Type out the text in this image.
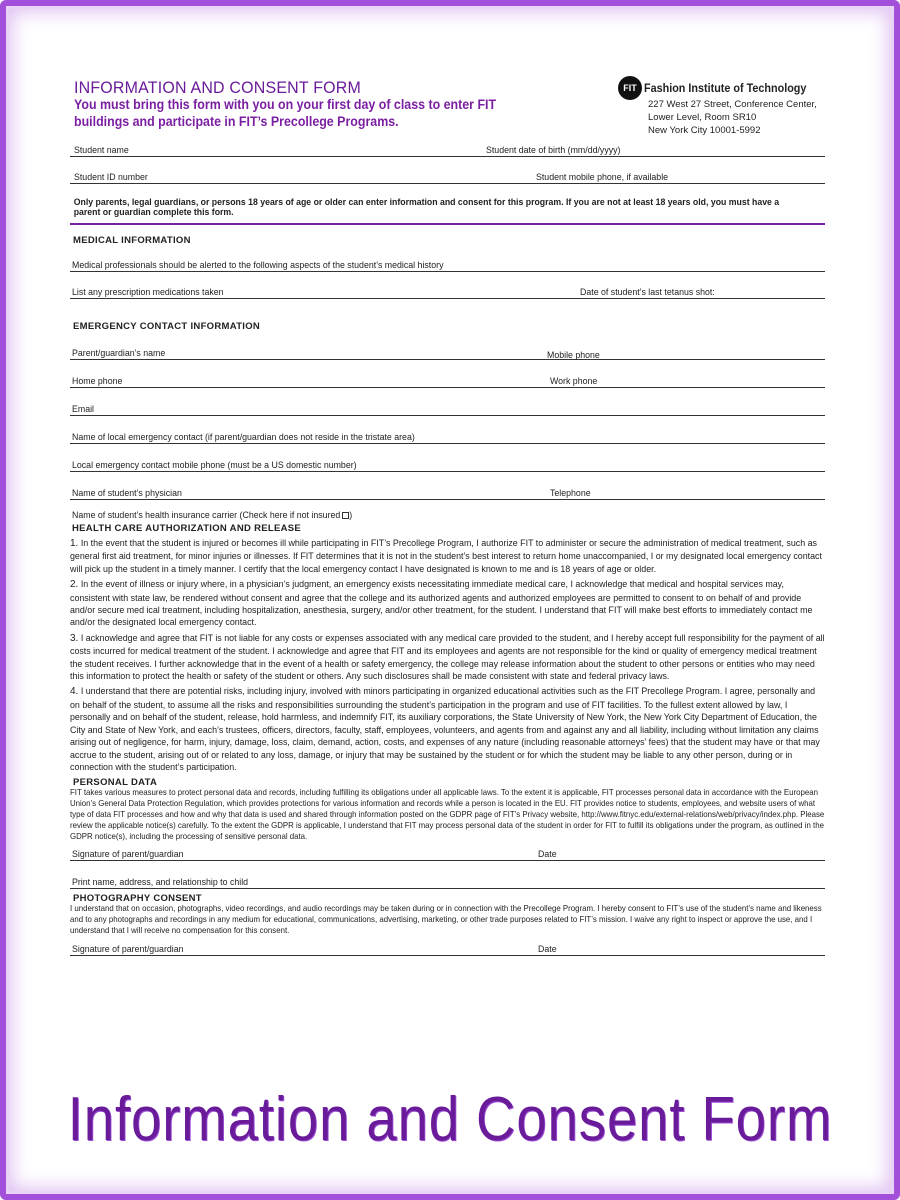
INFORMATION AND CONSENT FORM
You must bring this form with you on your first day of class to enter FIT buildings and participate in FIT’s Precollege Programs.
FIT Fashion Institute of Technology
227 West 27 Street, Conference Center,
Lower Level, Room SR10
New York City 10001-5992
Student name	Student date of birth (mm/dd/yyyy)
Student ID number	Student mobile phone, if available
Only parents, legal guardians, or persons 18 years of age or older can enter information and consent for this program. If you are not at least 18 years old, you must have a parent or guardian complete this form.
MEDICAL INFORMATION
Medical professionals should be alerted to the following aspects of the student’s medical history
List any prescription medications taken	Date of student’s last tetanus shot:
EMERGENCY CONTACT INFORMATION
Parent/guardian’s name	Mobile phone
Home phone	Work phone
Email
Name of local emergency contact (if parent/guardian does not reside in the tristate area)
Local emergency contact mobile phone (must be a US domestic number)
Name of student’s physician	Telephone
Name of student’s health insurance carrier (Check here if not insured )
HEALTH CARE AUTHORIZATION AND RELEASE
1. In the event that the student is injured or becomes ill while participating in FIT’s Precollege Program, I authorize FIT to administer or secure the administration of medical treatment, such as general first aid treatment, for minor injuries or illnesses. If FIT determines that it is not in the student’s best interest to return home unaccompanied, I or my designated local emergency contact will pick up the student in a timely manner. I certify that the local emergency contact I have designated is known to me and is 18 years of age or older.
2. In the event of illness or injury where, in a physician’s judgment, an emergency exists necessitating immediate medical care, I acknowledge that medical and hospital services may, consistent with state law, be rendered without consent and agree that the college and its authorized agents and authorized employees are permitted to consent to on behalf of and provide and/or secure med ical treatment, including hospitalization, anesthesia, surgery, and/or other treatment, for the student. I understand that FIT will make best efforts to immediately contact me and/or the designated local emergency contact.
3. I acknowledge and agree that FIT is not liable for any costs or expenses associated with any medical care provided to the student, and I hereby accept full responsibility for the payment of all costs incurred for medical treatment of the student. I acknowledge and agree that FIT and its employees and agents are not responsible for the kind or quality of emergency medical treatment the student receives. I further acknowledge that in the event of a health or safety emergency, the college may release information about the student to other persons or entities who may need this information to protect the health or safety of the student or others. Any such disclosures shall be made consistent with state and federal privacy laws.
4. I understand that there are potential risks, including injury, involved with minors participating in organized educational activities such as the FIT Precollege Program. I agree, personally and on behalf of the student, to assume all the risks and responsibilities surrounding the student’s participation in the program and use of FIT facilities. To the fullest extent allowed by law, I personally and on behalf of the student, release, hold harmless, and indemnify FIT, its auxiliary corporations, the State University of New York, the New York City Department of Education, the City and State of New York, and each’s trustees, officers, directors, faculty, staff, employees, volunteers, and agents from and against any and all liability, including without limitation any claims arising out of negligence, for harm, injury, damage, loss, claim, demand, action, costs, and expenses of any nature (including reasonable attorneys’ fees) that the student may have or that may accrue to the student, arising out of or related to any loss, damage, or injury that may be sustained by the student or for which the student may be liable to any other person, during or in connection with the student’s participation.
PERSONAL DATA
FIT takes various measures to protect personal data and records, including fulfilling its obligations under all applicable laws. To the extent it is applicable, FIT processes personal data in accordance with the European Union’s General Data Protection Regulation, which provides protections for various information and records while a person is located in the EU. FIT provides notice to students, employees, and website users of what type of data FIT processes and how and why that data is used and shared through information posted on the GDPR page of FIT’s Privacy website, http://www.fitnyc.edu/external-relations/web/privacy/index.php. Please review the applicable notice(s) carefully. To the extent the GDPR is applicable, I understand that FIT may process personal data of the student in order for FIT to fulfill its obligations under the program, as outlined in the GDPR notice(s), including the processing of sensitive personal data.
Signature of parent/guardian	Date
Print name, address, and relationship to child
PHOTOGRAPHY CONSENT
I understand that on occasion, photographs, video recordings, and audio recordings may be taken during or in connection with the Precollege Program. I hereby consent to FIT’s use of the student’s name and likeness and to any photographs and recordings in any medium for educational, communications, advertising, marketing, or other trade purposes related to FIT’s mission. I waive any right to inspect or approve the use, and I understand that I will receive no compensation for this consent.
Signature of parent/guardian	Date
Information and Consent Form
